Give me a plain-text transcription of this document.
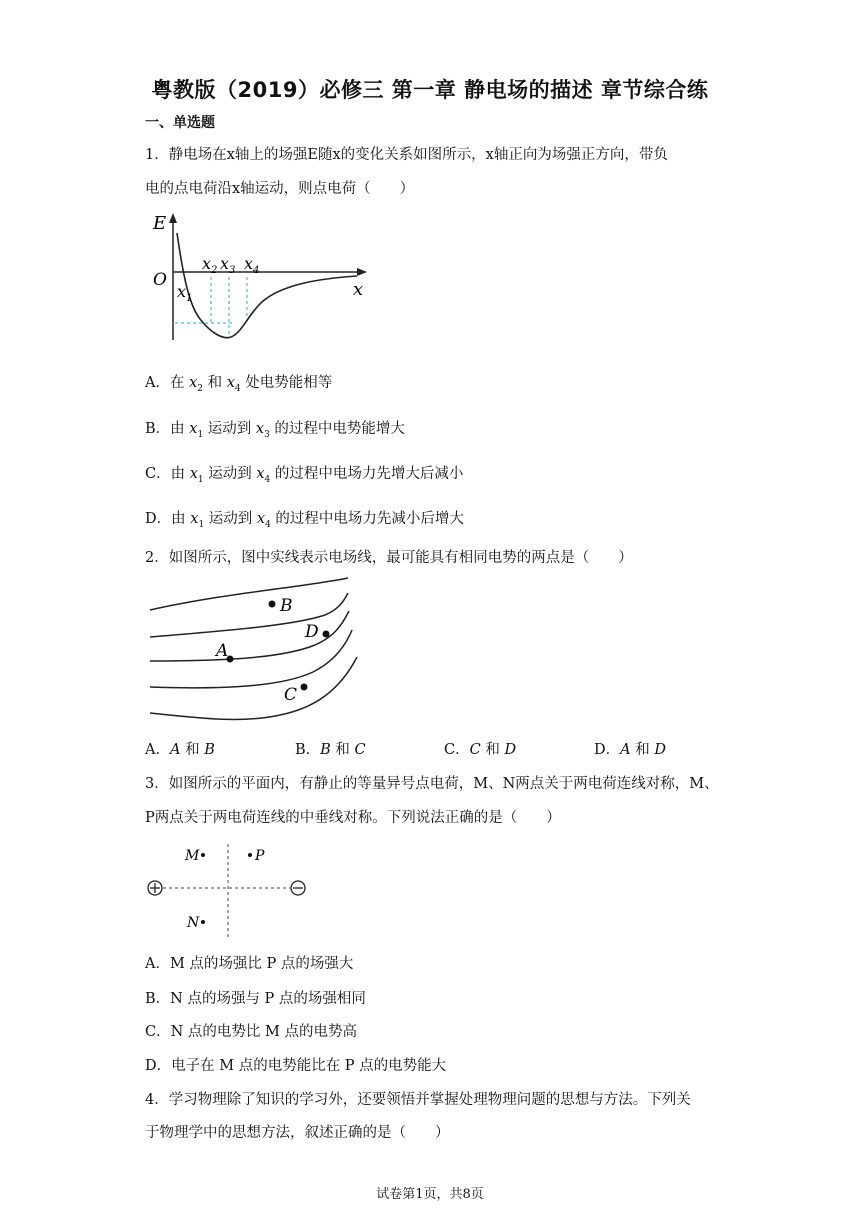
粤教版（2019）必修三 第一章 静电场的描述 章节综合练
一、单选题
1．静电场在x轴上的场强E随x的变化关系如图所示，x轴正向为场强正方向，带负
电的点电荷沿x轴运动，则点电荷（　　）
E
x
O
x 1
x 2 x 3 x 4
A．在 $x_2$ 和 $x_4$ 处电势能相等
B．由 $x_1$ 运动到 $x_3$ 的过程中电势能增大
C．由 $x_1$ 运动到 $x_4$ 的过程中电场力先增大后减小
D．由 $x_1$ 运动到 $x_4$ 的过程中电场力先减小后增大
2．如图所示，图中实线表示电场线，最可能具有相同电势的两点是（　　）
B
D
A
C
A．A 和 B	B．B 和 C	C．C 和 D	D．A 和 D
3．如图所示的平面内，有静止的等量异号点电荷，M、N两点关于两电荷连线对称，M、
P两点关于两电荷连线的中垂线对称。下列说法正确的是（　　）
M	P
N
A．M 点的场强比 P 点的场强大
B．N 点的场强与 P 点的场强相同
C．N 点的电势比 M 点的电势高
D．电子在 M 点的电势能比在 P 点的电势能大
4．学习物理除了知识的学习外，还要领悟并掌握处理物理问题的思想与方法。下列关
于物理学中的思想方法，叙述正确的是（　　）
试卷第1页，共8页
